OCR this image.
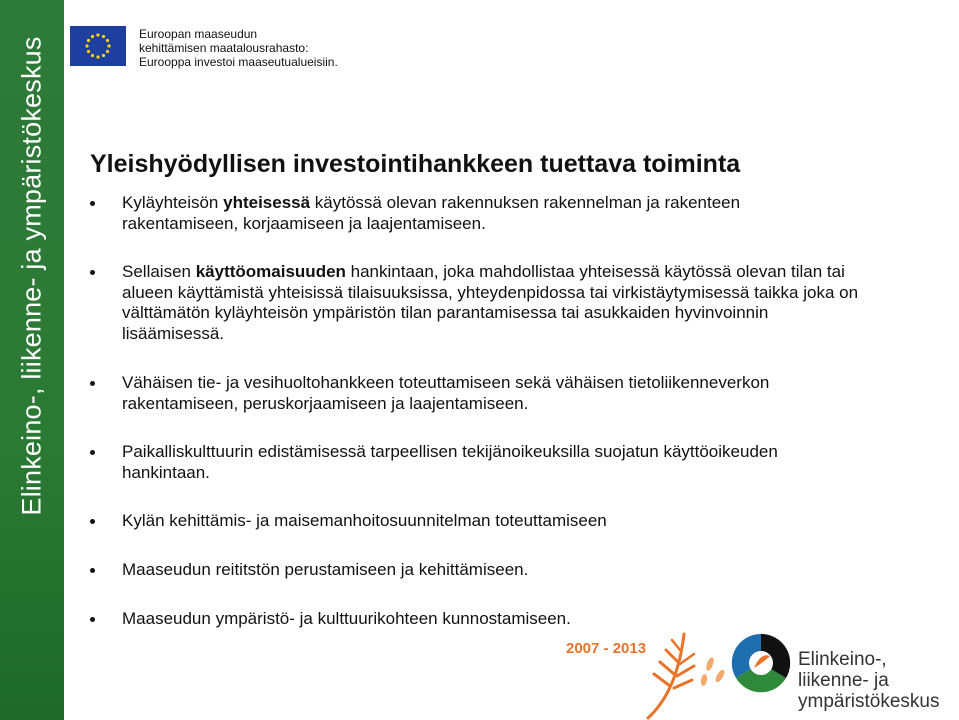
Elinkeino-, liikenne- ja ympäristökeskus
Euroopan maaseudun
kehittämisen maatalousrahasto:
Eurooppa investoi maaseutualueisiin.
Yleishyödyllisen investointihankkeen tuettava toiminta
Kyläyhteisön yhteisessä käytössä olevan rakennuksen rakennelman ja rakenteen rakentamiseen, korjaamiseen ja laajentamiseen.
Sellaisen käyttöomaisuuden hankintaan, joka mahdollistaa yhteisessä käytössä olevan tilan tai alueen käyttämistä yhteisissä tilaisuuksissa, yhteydenpidossa tai virkistäytymisessä taikka joka on välttämätön kyläyhteisön ympäristön tilan parantamisessa tai asukkaiden hyvinvoinnin lisäämisessä.
Vähäisen tie- ja vesihuoltohankkeen toteuttamiseen sekä vähäisen tietoliikenneverkon rakentamiseen, peruskorjaamiseen ja laajentamiseen.
Paikalliskulttuurin edistämisessä tarpeellisen tekijänoikeuksilla suojatun käyttöoikeuden hankintaan.
Kylän kehittämis- ja maisemanhoitosuunnitelman toteuttamiseen
Maaseudun reititstön perustamiseen ja kehittämiseen.
Maaseudun ympäristö- ja kulttuurikohteen kunnostamiseen.
2007 - 2013
Elinkeino-, liikenne- ja
ympäristökeskus
